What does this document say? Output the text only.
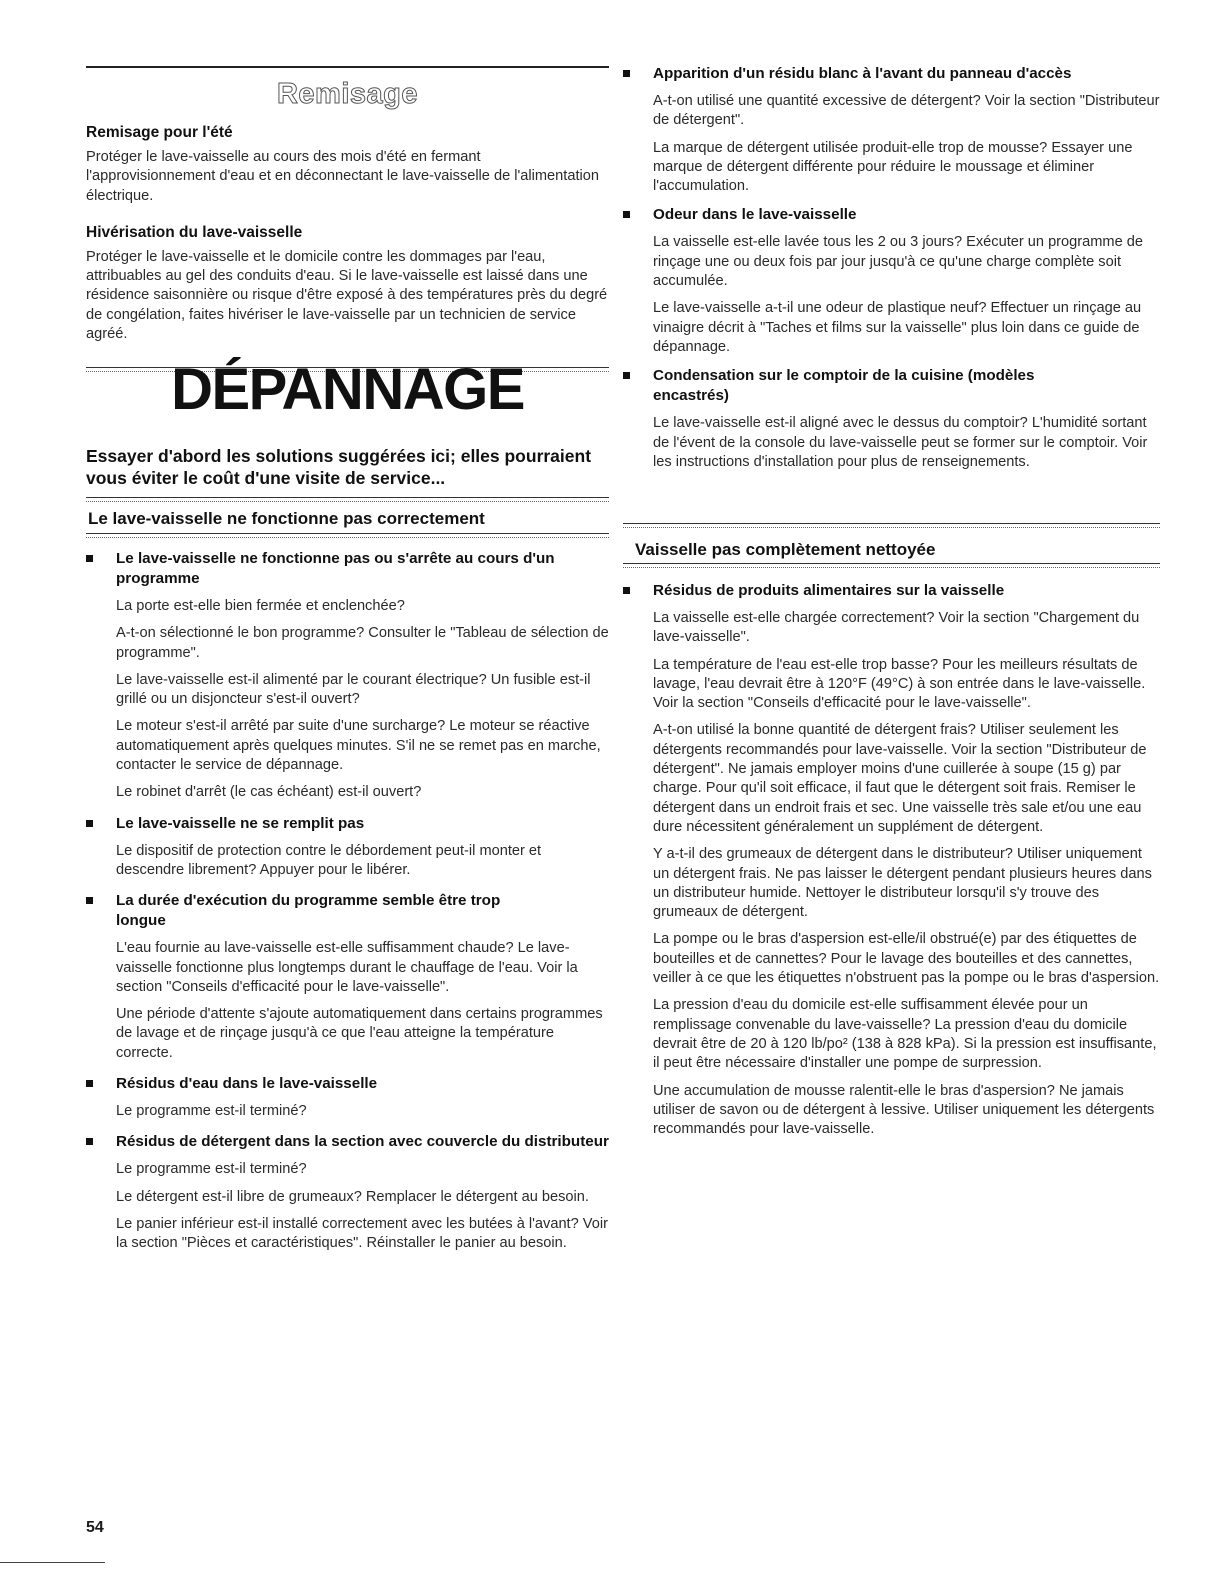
Remisage
Remisage pour l'été

Protéger le lave-vaisselle au cours des mois d'été en fermant l'approvisionnement d'eau et en déconnectant le lave-vaisselle de l'alimentation électrique.

Hivérisation du lave-vaisselle

Protéger le lave-vaisselle et le domicile contre les dommages par l'eau, attribuables au gel des conduits d'eau. Si le lave-vaisselle est laissé dans une résidence saisonnière ou risque d'être exposé à des températures près du degré de congélation, faites hivériser le lave-vaisselle par un technicien de service agréé.

DÉPANNAGE
Essayer d'abord les solutions suggérées ici; elles pourraient vous éviter le coût d'une visite de service...
Le lave-vaisselle ne fonctionne pas correctement
Le lave-vaisselle ne fonctionne pas ou s'arrête au cours d'un programme

La porte est-elle bien fermée et enclenchée?

A-t-on sélectionné le bon programme? Consulter le "Tableau de sélection de programme".

Le lave-vaisselle est-il alimenté par le courant électrique? Un fusible est-il grillé ou un disjoncteur s'est-il ouvert?

Le moteur s'est-il arrêté par suite d'une surcharge? Le moteur se réactive automatiquement après quelques minutes. S'il ne se remet pas en marche, contacter le service de dépannage.

Le robinet d'arrêt (le cas échéant) est-il ouvert?

Le lave-vaisselle ne se remplit pas

Le dispositif de protection contre le débordement peut-il monter et descendre librement? Appuyer pour le libérer.

La durée d'exécution du programme semble être trop longue

L'eau fournie au lave-vaisselle est-elle suffisamment chaude? Le lave-vaisselle fonctionne plus longtemps durant le chauffage de l'eau. Voir la section "Conseils d'efficacité pour le lave-vaisselle".

Une période d'attente s'ajoute automatiquement dans certains programmes de lavage et de rinçage jusqu'à ce que l'eau atteigne la température correcte.

Résidus d'eau dans le lave-vaisselle

Le programme est-il terminé?

Résidus de détergent dans la section avec couvercle du distributeur

Le programme est-il terminé?

Le détergent est-il libre de grumeaux? Remplacer le détergent au besoin.

Le panier inférieur est-il installé correctement avec les butées à l'avant? Voir la section "Pièces et caractéristiques". Réinstaller le panier au besoin.

Apparition d'un résidu blanc à l'avant du panneau d'accès

A-t-on utilisé une quantité excessive de détergent? Voir la section "Distributeur de détergent".

La marque de détergent utilisée produit-elle trop de mousse? Essayer une marque de détergent différente pour réduire le moussage et éliminer l'accumulation.

Odeur dans le lave-vaisselle

La vaisselle est-elle lavée tous les 2 ou 3 jours? Exécuter un programme de rinçage une ou deux fois par jour jusqu'à ce qu'une charge complète soit accumulée.

Le lave-vaisselle a-t-il une odeur de plastique neuf? Effectuer un rinçage au vinaigre décrit à "Taches et films sur la vaisselle" plus loin dans ce guide de dépannage.

Condensation sur le comptoir de la cuisine (modèles encastrés)

Le lave-vaisselle est-il aligné avec le dessus du comptoir? L'humidité sortant de l'évent de la console du lave-vaisselle peut se former sur le comptoir. Voir les instructions d'installation pour plus de renseignements.

Vaisselle pas complètement nettoyée
Résidus de produits alimentaires sur la vaisselle

La vaisselle est-elle chargée correctement? Voir la section "Chargement du lave-vaisselle".

La température de l'eau est-elle trop basse? Pour les meilleurs résultats de lavage, l'eau devrait être à 120°F (49°C) à son entrée dans le lave-vaisselle. Voir la section "Conseils d'efficacité pour le lave-vaisselle".

A-t-on utilisé la bonne quantité de détergent frais? Utiliser seulement les détergents recommandés pour lave-vaisselle. Voir la section "Distributeur de détergent". Ne jamais employer moins d'une cuillerée à soupe (15 g) par charge. Pour qu'il soit efficace, il faut que le détergent soit frais. Remiser le détergent dans un endroit frais et sec. Une vaisselle très sale et/ou une eau dure nécessitent généralement un supplément de détergent.

Y a-t-il des grumeaux de détergent dans le distributeur? Utiliser uniquement un détergent frais. Ne pas laisser le détergent pendant plusieurs heures dans un distributeur humide. Nettoyer le distributeur lorsqu'il s'y trouve des grumeaux de détergent.

La pompe ou le bras d'aspersion est-elle/il obstrué(e) par des étiquettes de bouteilles et de cannettes? Pour le lavage des bouteilles et des cannettes, veiller à ce que les étiquettes n'obstruent pas la pompe ou le bras d'aspersion.

La pression d'eau du domicile est-elle suffisamment élevée pour un remplissage convenable du lave-vaisselle? La pression d'eau du domicile devrait être de 20 à 120 lb/po² (138 à 828 kPa). Si la pression est insuffisante, il peut être nécessaire d'installer une pompe de surpression.

Une accumulation de mousse ralentit-elle le bras d'aspersion? Ne jamais utiliser de savon ou de détergent à lessive. Utiliser uniquement les détergents recommandés pour lave-vaisselle.

54
